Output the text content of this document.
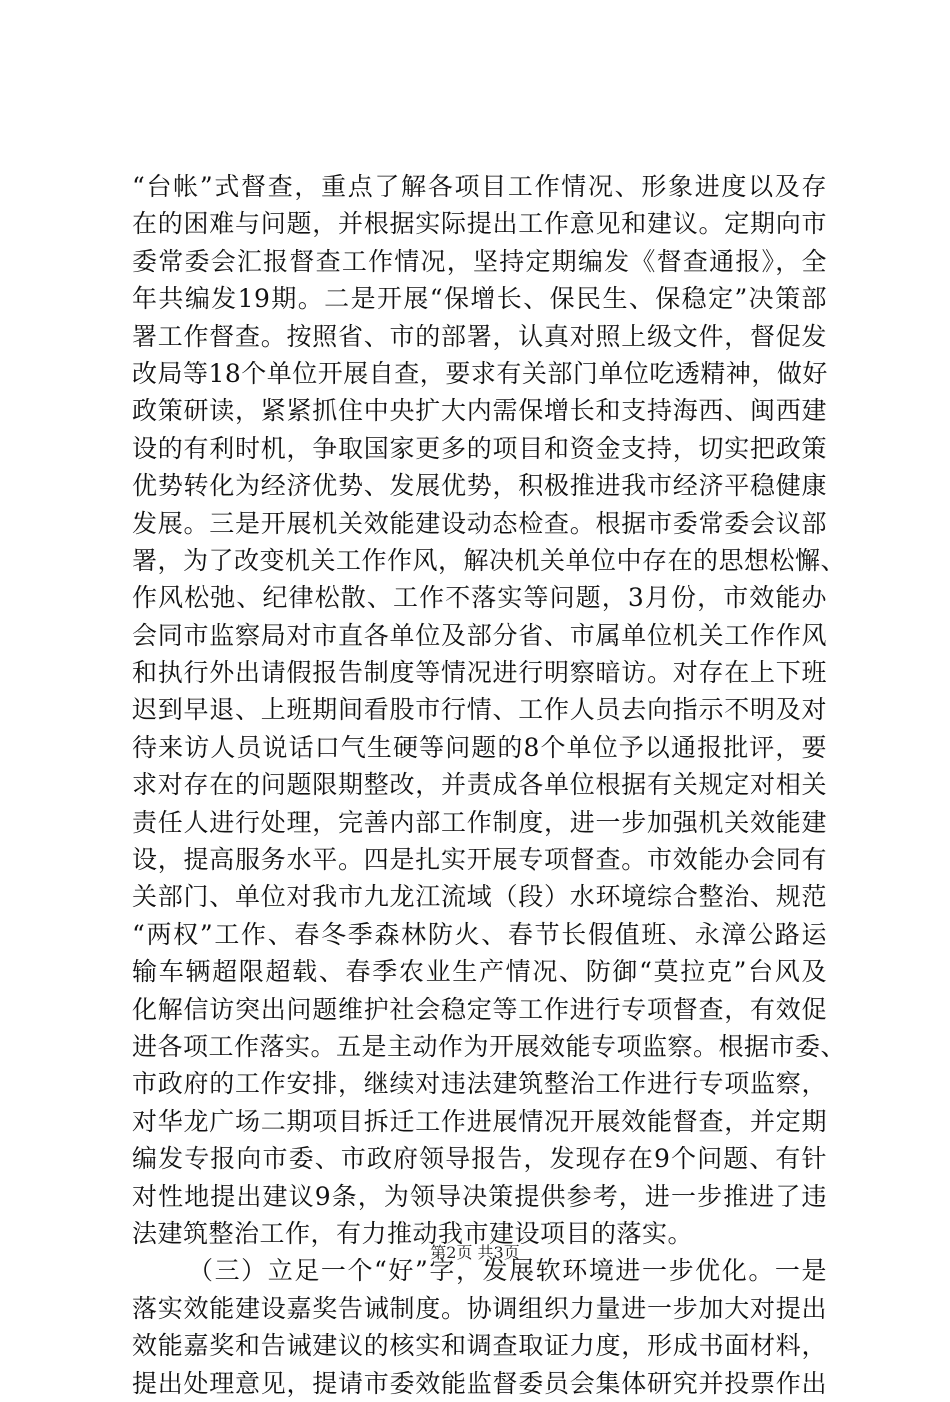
“台帐”式督查，重点了解各项目工作情况、形象进度以及存
在的困难与问题，并根据实际提出工作意见和建议。定期向市
委常委会汇报督查工作情况，坚持定期编发《督查通报》，全
年共编发19期。二是开展“保增长、保民生、保稳定”决策部
署工作督查。按照省、市的部署，认真对照上级文件，督促发
改局等18个单位开展自查，要求有关部门单位吃透精神，做好
政策研读，紧紧抓住中央扩大内需保增长和支持海西、闽西建
设的有利时机，争取国家更多的项目和资金支持，切实把政策
优势转化为经济优势、发展优势，积极推进我市经济平稳健康
发展。三是开展机关效能建设动态检查。根据市委常委会议部
署，为了改变机关工作作风，解决机关单位中存在的思想松懈、
作风松弛、纪律松散、工作不落实等问题，3月份，市效能办
会同市监察局对市直各单位及部分省、市属单位机关工作作风
和执行外出请假报告制度等情况进行明察暗访。对存在上下班
迟到早退、上班期间看股市行情、工作人员去向指示不明及对
待来访人员说话口气生硬等问题的8个单位予以通报批评，要
求对存在的问题限期整改，并责成各单位根据有关规定对相关
责任人进行处理，完善内部工作制度，进一步加强机关效能建
设，提高服务水平。四是扎实开展专项督查。市效能办会同有
关部门、单位对我市九龙江流域（段）水环境综合整治、规范
“两权”工作、春冬季森林防火、春节长假值班、永漳公路运
输车辆超限超载、春季农业生产情况、防御“莫拉克”台风及
化解信访突出问题维护社会稳定等工作进行专项督查，有效促
进各项工作落实。五是主动作为开展效能专项监察。根据市委、
市政府的工作安排，继续对违法建筑整治工作进行专项监察，
对华龙广场二期项目拆迁工作进展情况开展效能督查，并定期
编发专报向市委、市政府领导报告，发现存在9个问题、有针
对性地提出建议9条，为领导决策提供参考，进一步推进了违
法建筑整治工作，有力推动我市建设项目的落实。
（三）立足一个“好”字，发展软环境进一步优化。一是
落实效能建设嘉奖告诫制度。协调组织力量进一步加大对提出
效能嘉奖和告诫建议的核实和调查取证力度，形成书面材料，
提出处理意见，提请市委效能监督委员会集体研究并投票作出
第2页 共3页
